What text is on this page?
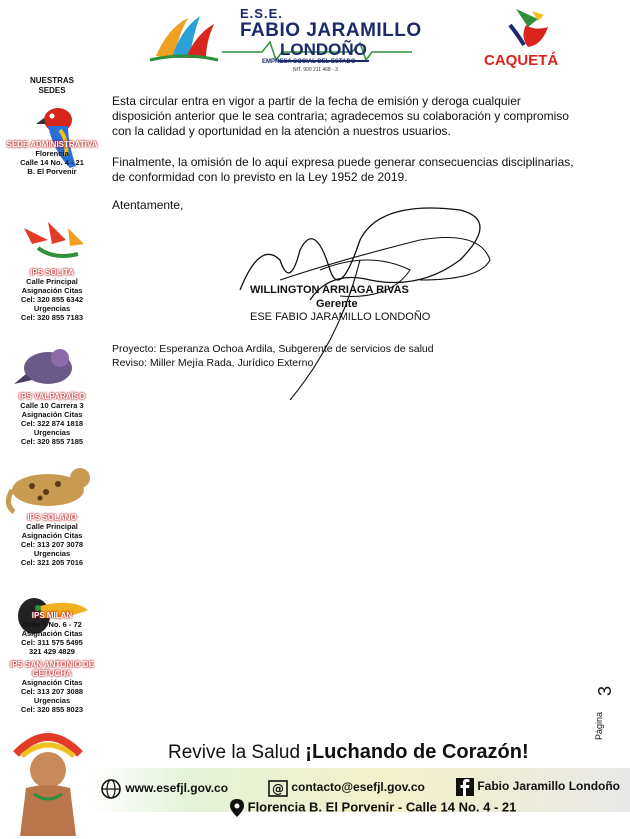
E.S.E.
FABIO JARAMILLO
LONDOÑO
EMPRESA SOCIAL DEL ESTADO
NIT. 900 211 468 - 3
CAQUETÁ
NUESTRAS
SEDES
SEDE ADMINISTRATIVA
Florencia
Calle 14 No. 4 - 21
B. El Porvenir
IPS SOLITA
Calle Principal
Asignación Citas
Cel: 320 855 6342
Urgencias
Cel: 320 855 7183
IPS VALPARAÍSO
Calle 10 Carrera 3
Asignación Citas
Cel: 322 874 1818
Urgencias
Cel: 320 855 7185
IPS SOLANO
Calle Principal
Asignación Citas
Cel: 313 207 3078
Urgencias
Cel: 321 205 7016
IPS MILAN
Calle 3 No. 6 - 72
Asignación Citas
Cel: 311 575 5495
321 429 4829
IPS SAN ANTONIO DE GETUCHA
Asignación Citas
Cel: 313 207 3088
Urgencias
Cel: 320 855 8023
Esta circular entra en vigor a partir de la fecha de emisión y deroga cualquier disposición anterior que le sea contraria; agradecemos su colaboración y compromiso con la calidad y oportunidad en la atención a nuestros usuarios.
Finalmente, la omisión de lo aquí expresa puede generar consecuencias disciplinarias, de conformidad con lo previsto en la Ley 1952 de 2019.
Atentamente,
WILLINGTON ARRIAGA RIVAS
Gerente
ESE FABIO JARAMILLO LONDOÑO
Proyecto: Esperanza Ochoa Ardila, Subgerente de servicios de salud
Reviso: Miller Mejía Rada, Jurídico Externo
3
Página
Revive la Salud ¡Luchando de Corazón!
www.esefjl.gov.co	@ contacto@esefjl.gov.co	Fabio Jaramillo Londoño
Florencia B. El Porvenir - Calle 14 No. 4 - 21
